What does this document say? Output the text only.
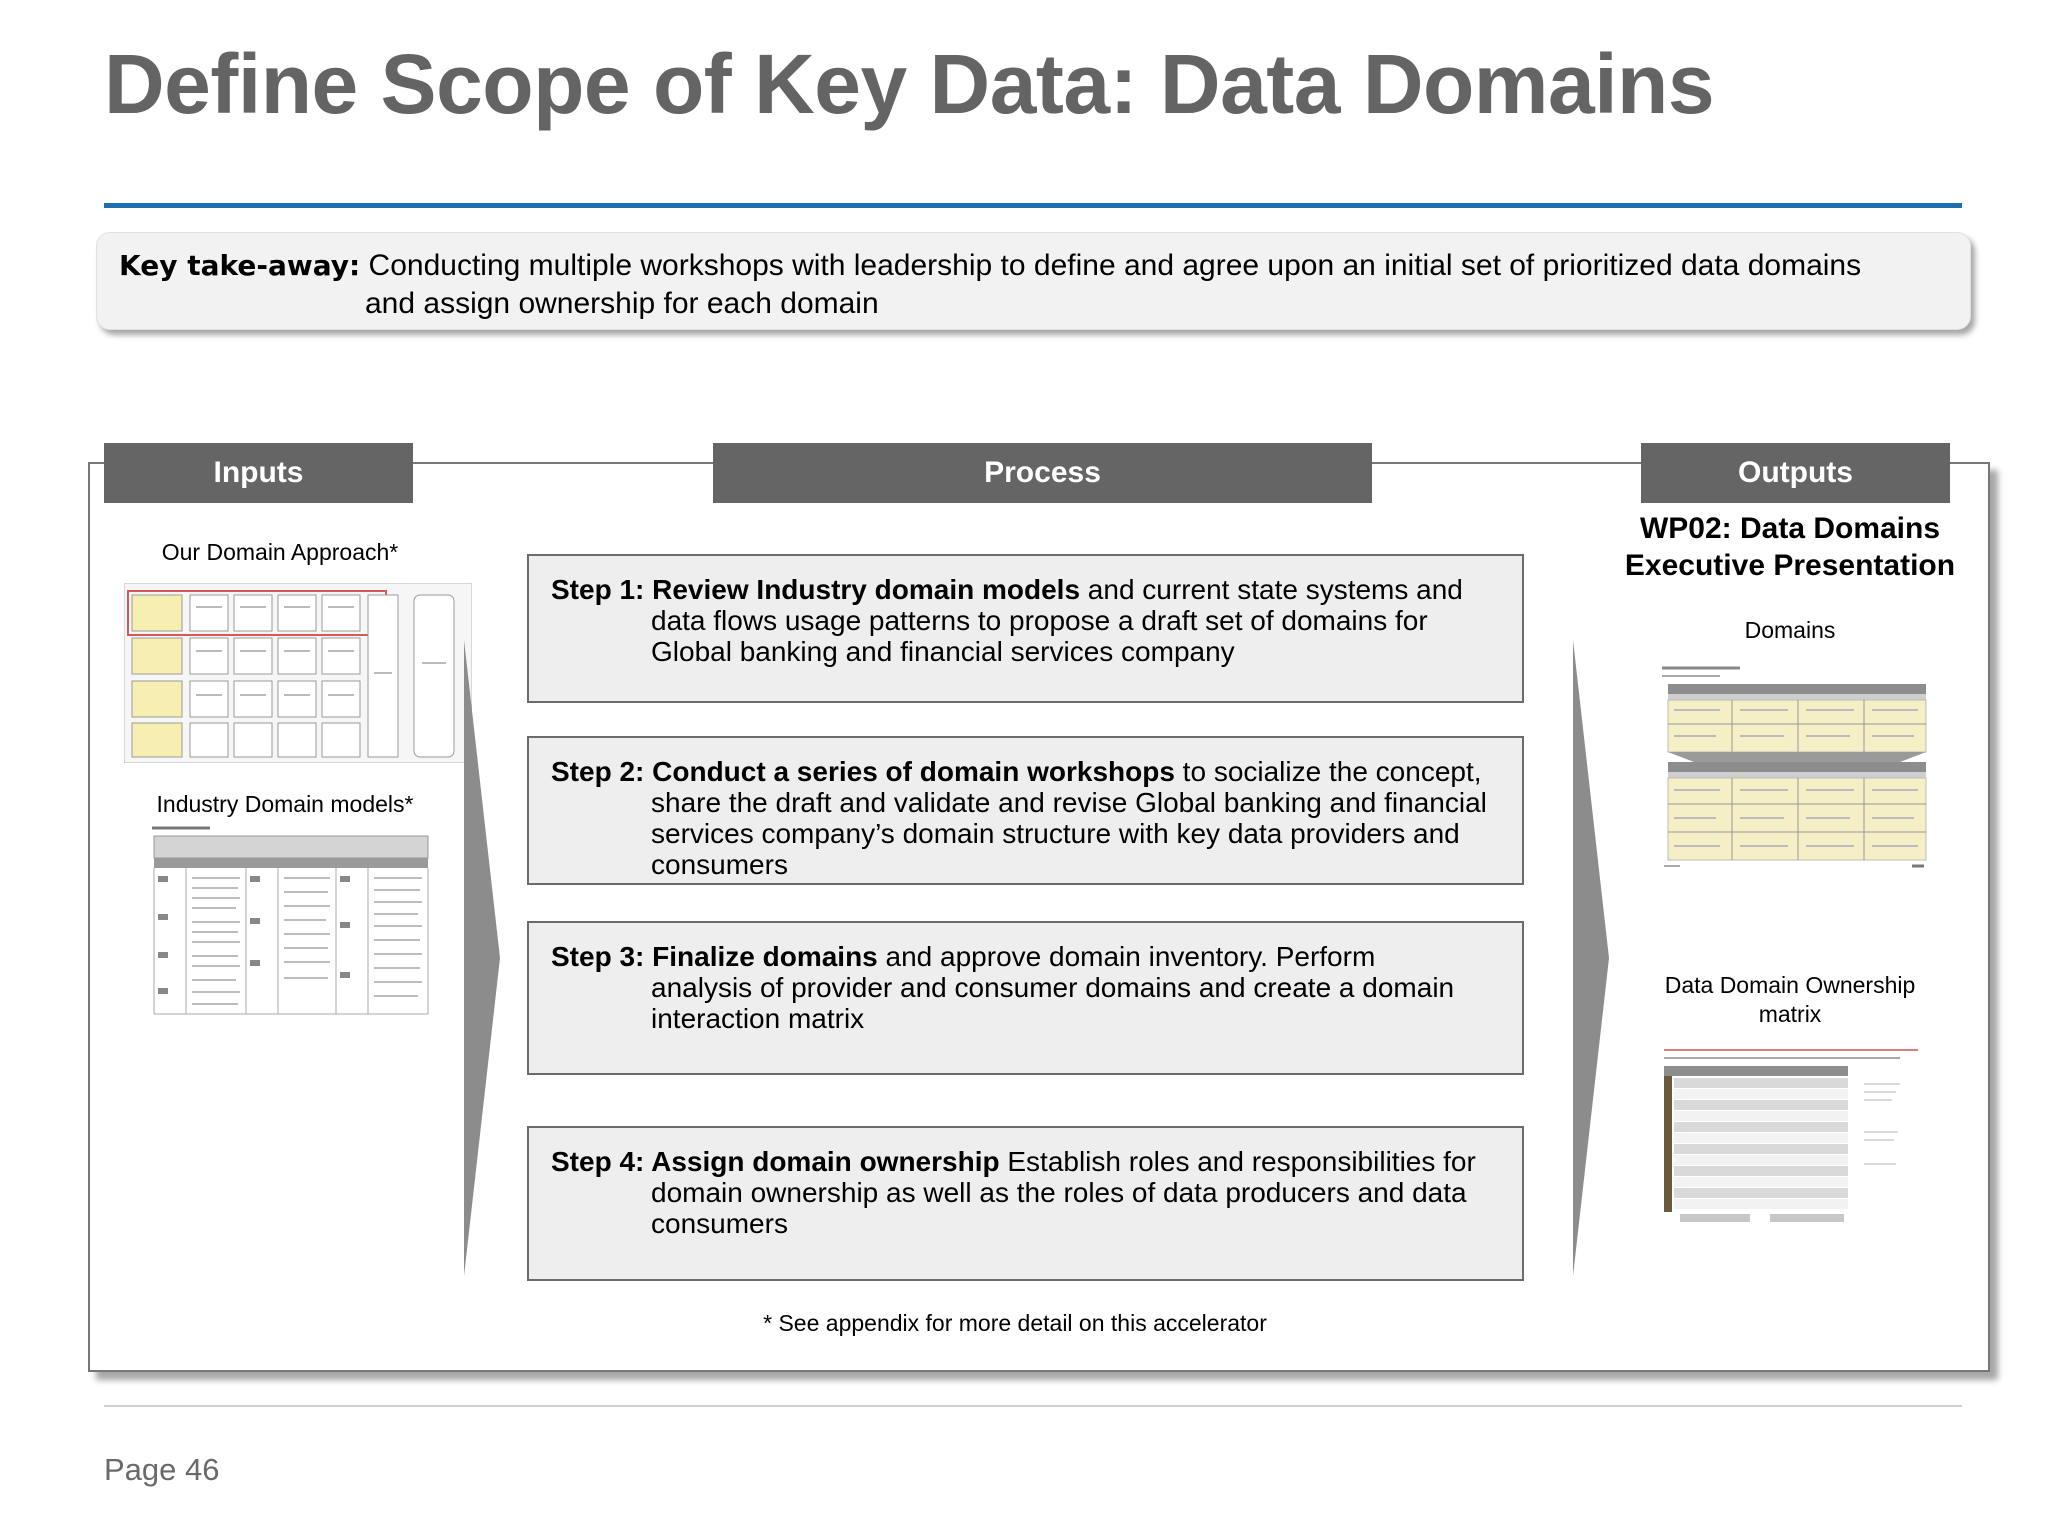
Define Scope of Key Data: Data Domains
Key take-away: Conducting multiple workshops with leadership to define and agree upon an initial set of prioritized data domains
and assign ownership for each domain
Inputs	Process	Outputs
Our Domain Approach*
Industry Domain models*
Step 1: Review Industry domain models and current state systems and
data flows usage patterns to propose a draft set of domains for
Global banking and financial services company
Step 2: Conduct a series of domain workshops to socialize the concept,
share the draft and validate and revise Global banking and financial
services company’s domain structure with key data providers and
consumers
Step 3: Finalize domains and approve domain inventory. Perform
analysis of provider and consumer domains and create a domain
interaction matrix
Step 4: Assign domain ownership Establish roles and responsibilities for
domain ownership as well as the roles of data producers and data
consumers
WP02: Data Domains
Executive Presentation
Domains
Data Domain Ownership
matrix
* See appendix for more detail on this accelerator
Page 46
